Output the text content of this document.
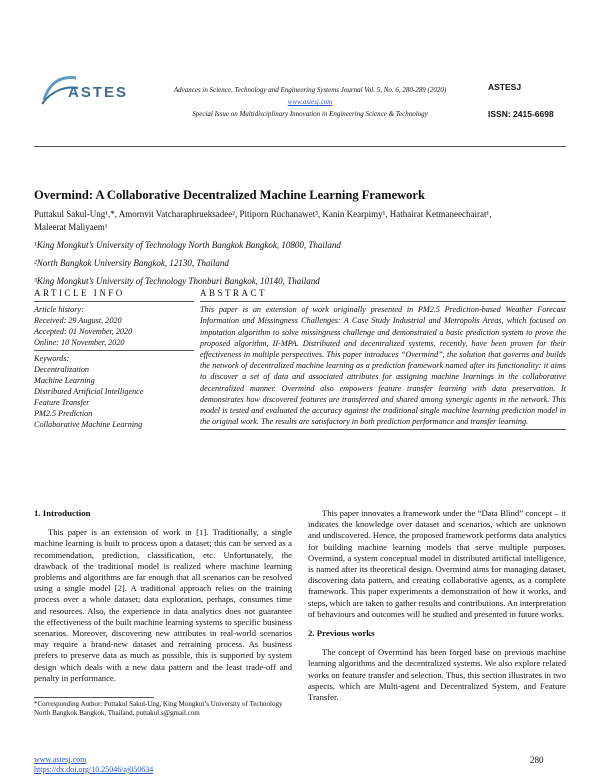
ASTES	Advances in Science, Technology and Engineering Systems Journal Vol. 5, No. 6, 280-289 (2020)
www.astesj.com
Special Issue on Multidisciplinary Innovation in Engineering Science & Technology
ASTESJ
ISSN: 2415-6698
Overmind: A Collaborative Decentralized Machine Learning Framework
Puttakul Sakul-Ung¹,*, Amornvit Vatcharaphrueksadee², Pitiporn Ruchanawet³, Kanin Kearpimy¹, Hathairat Ketmaneechairat¹,
Maleerat Maliyaem¹
¹King Mongkut’s University of Technology North Bangkok Bangkok, 10800, Thailand
²North Bangkok University Bangkok, 12130, Thailand
³King Mongkut’s University of Technology Thonburi Bangkok, 10140, Thailand
ARTICLE INFO
Article history:
Received: 29 August, 2020
Accepted: 01 November, 2020
Online: 10 November, 2020
Keywords:
Decentralization
Machine Learning
Distributed Artificial Intelligence
Feature Transfer
PM2.5 Prediction
Collaborative Machine Learning
ABSTRACT
This paper is an extension of work originally presented in PM2.5 Prediction-based Weather Forecast Information and Missingness Challenges: A Case Study Industrial and Metropolis Areas, which focused on imputation algorithm to solve missingness challenge and demonstrated a basic prediction system to prove the proposed algorithm, II-MPA. Distributed and decentralized systems, recently, have been proven for their effectiveness in multiple perspectives. This paper introduces “Overmind”, the solution that governs and builds the network of decentralized machine learning as a prediction framework named after its functionality: it aims to discover a set of data and associated attributes for assigning machine learnings in the collaborative decentralized manner. Overmind also empowers feature transfer learning with data preservation. It demonstrates how discovered features are transferred and shared among synergic agents in the network. This model is tested and evaluated the accuracy against the traditional single machine learning prediction model in the original work. The results are satisfactory in both prediction performance and transfer learning.
1. Introduction

This paper is an extension of work in [1]. Traditionally, a single machine learning is built to process upon a dataset; this can be served as a recommendation, prediction, classification, etc. Unfortunately, the drawback of the traditional model is realized where machine learning problems and algorithms are far enough that all scenarios can be resolved using a single model [2]. A traditional approach relies on the training process over a whole dataset; data exploration, perhaps, consumes time and resources. Also, the experience in data analytics does not guarantee the effectiveness of the built machine learning systems to specific business scenarios. Moreover, discovering new attributes in real-world scenarios may require a brand-new dataset and retraining process. As business prefers to preserve data as much as possible, this is supported by system design which deals with a new data pattern and the least trade-off and penalty in performance.

This paper innovates a framework under the “Data Blind” concept – it indicates the knowledge over dataset and scenarios, which are unknown and undiscovered. Hence, the proposed framework performs data analytics for building machine learning models that serve multiple purposes. Overmind, a system conceptual model in distributed artificial intelligence, is named after its theoretical design. Overmind aims for managing dataset, discovering data pattern, and creating collaborative agents, as a complete framework. This paper experiments a demonstration of how it works, and steps, which are taken to gather results and contributions. An interpretation of behaviours and outcomes will be studied and presented in future works.

2. Previous works

The concept of Overmind has been forged base on previous machine learning algorithms and the decentralized systems. We also explore related works on feature transfer and selection. Thus, this section illustrates in two aspects, which are Multi-agent and Decentralized System, and Feature Transfer.

*Corresponding Author: Puttakul Sakul-Ung, King Mongkut’s University of Technology North Bangkok Bangkok, Thailand, puttakul.s@gmail.com
www.astesj.com
https://dx.doi.org/10.25046/aj050634
280
